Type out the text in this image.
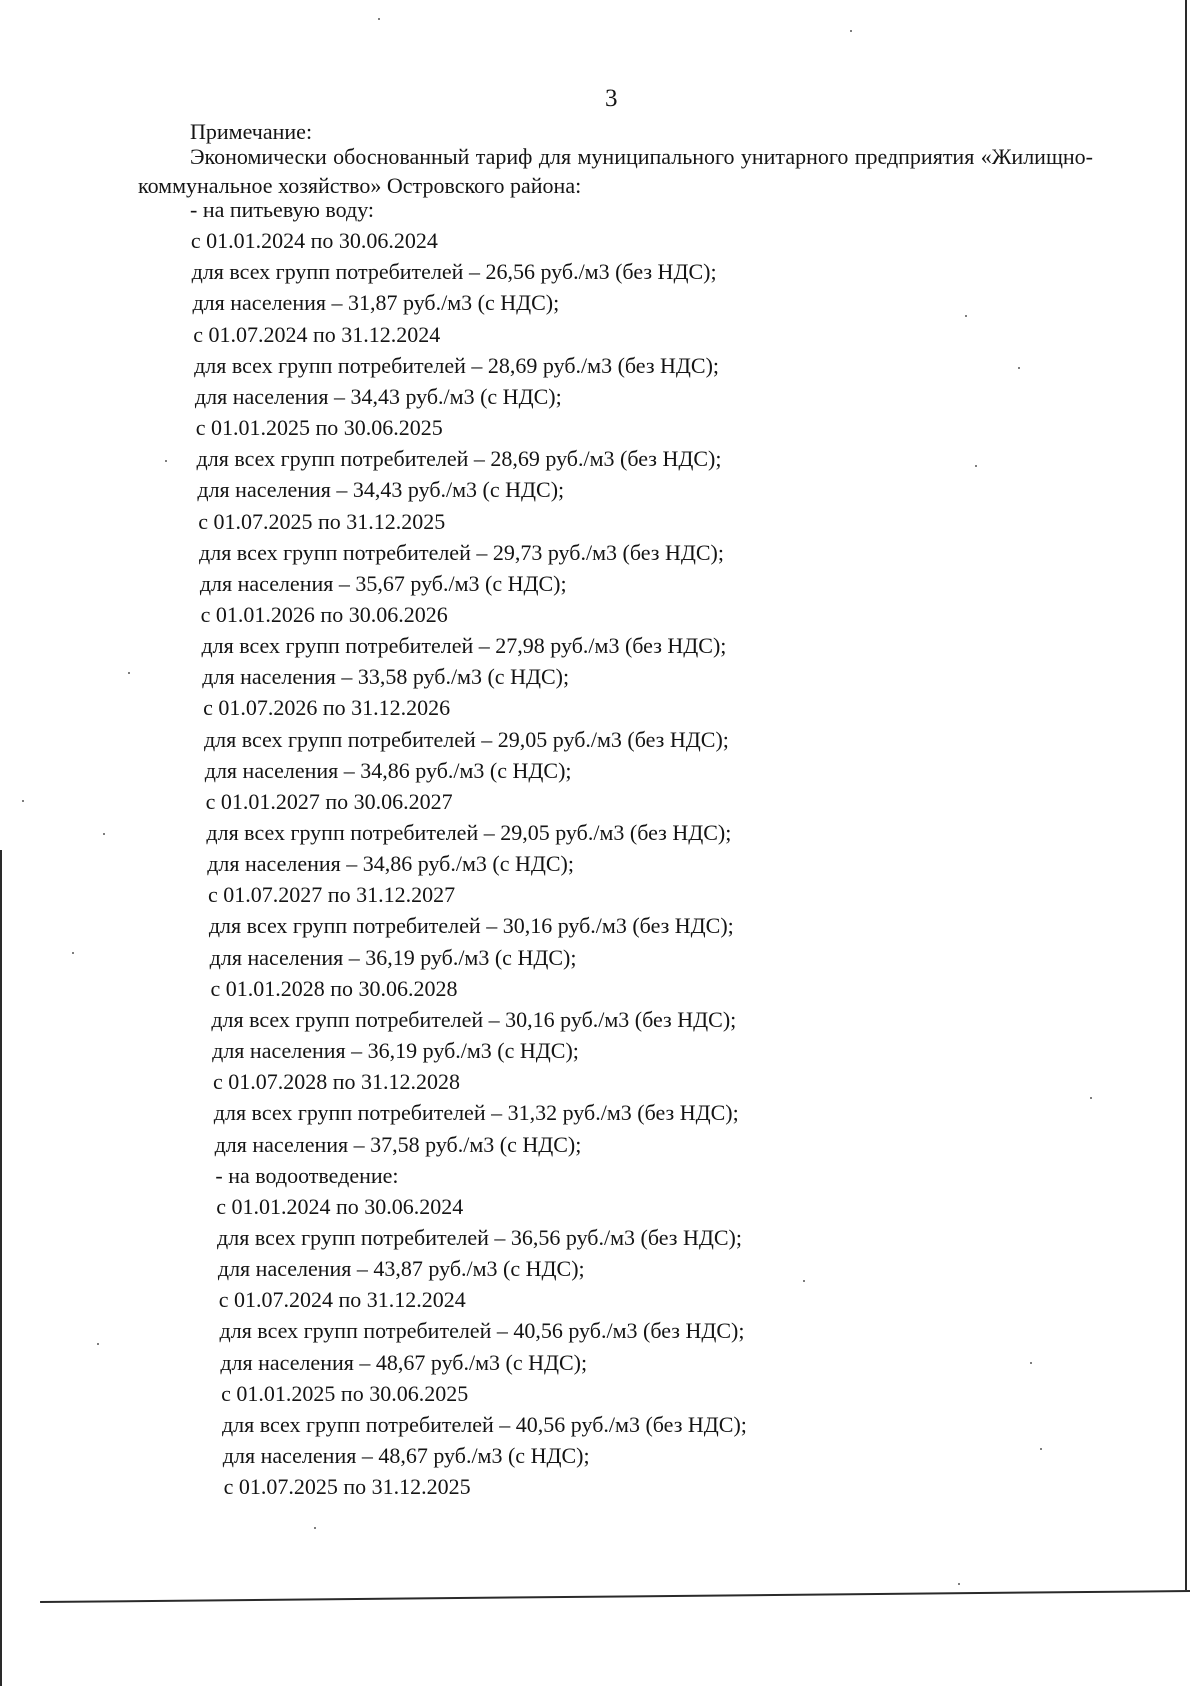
3

Примечание:

Экономически обоснованный тариф для муниципального унитарного предприятия «Жилищно-коммунальное хозяйство» Островского района:

- на питьевую воду:

с 01.01.2024 по 30.06.2024

для всех групп потребителей – 26,56 руб./м3 (без НДС);

для населения – 31,87 руб./м3 (с НДС);

с 01.07.2024 по 31.12.2024

для всех групп потребителей – 28,69 руб./м3 (без НДС);

для населения – 34,43 руб./м3 (с НДС);

с 01.01.2025 по 30.06.2025

для всех групп потребителей – 28,69 руб./м3 (без НДС);

для населения – 34,43 руб./м3 (с НДС);

с 01.07.2025 по 31.12.2025

для всех групп потребителей – 29,73 руб./м3 (без НДС);

для населения – 35,67 руб./м3 (с НДС);

с 01.01.2026 по 30.06.2026

для всех групп потребителей – 27,98 руб./м3 (без НДС);

для населения – 33,58 руб./м3 (с НДС);

с 01.07.2026 по 31.12.2026

для всех групп потребителей – 29,05 руб./м3 (без НДС);

для населения – 34,86 руб./м3 (с НДС);

с 01.01.2027 по 30.06.2027

для всех групп потребителей – 29,05 руб./м3 (без НДС);

для населения – 34,86 руб./м3 (с НДС);

с 01.07.2027 по 31.12.2027

для всех групп потребителей – 30,16 руб./м3 (без НДС);

для населения – 36,19 руб./м3 (с НДС);

с 01.01.2028 по 30.06.2028

для всех групп потребителей – 30,16 руб./м3 (без НДС);

для населения – 36,19 руб./м3 (с НДС);

с 01.07.2028 по 31.12.2028

для всех групп потребителей – 31,32 руб./м3 (без НДС);

для населения – 37,58 руб./м3 (с НДС);

- на водоотведение:

с 01.01.2024 по 30.06.2024

для всех групп потребителей – 36,56 руб./м3 (без НДС);

для населения – 43,87 руб./м3 (с НДС);

с 01.07.2024 по 31.12.2024

для всех групп потребителей – 40,56 руб./м3 (без НДС);

для населения – 48,67 руб./м3 (с НДС);

с 01.01.2025 по 30.06.2025

для всех групп потребителей – 40,56 руб./м3 (без НДС);

для населения – 48,67 руб./м3 (с НДС);

с 01.07.2025 по 31.12.2025
